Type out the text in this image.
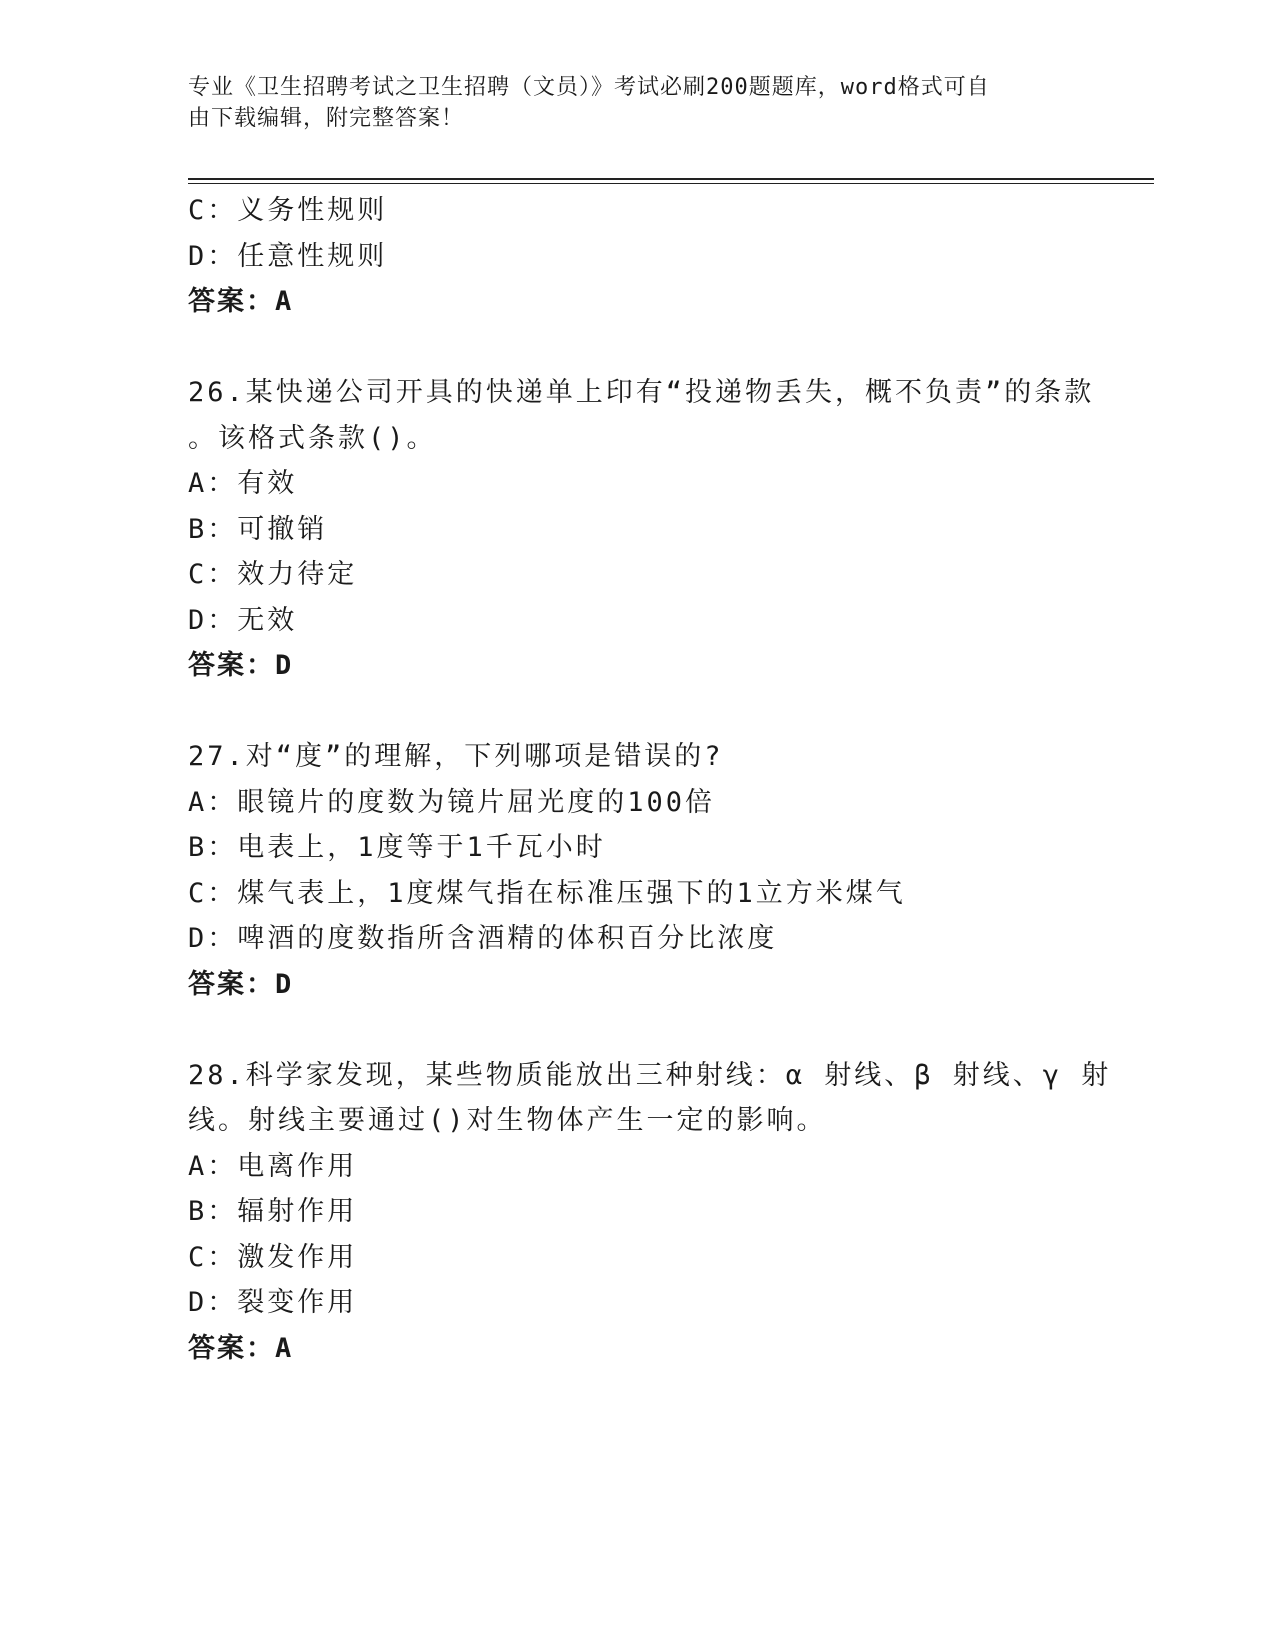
专业《卫生招聘考试之卫生招聘（文员）》考试必刷200题题库，word格式可自
由下载编辑，附完整答案！
C：义务性规则
D：任意性规则
答案：A
26.某快递公司开具的快递单上印有“投递物丢失，概不负责”的条款
。该格式条款()。
A：有效
B：可撤销
C：效力待定
D：无效
答案：D
27.对“度”的理解，下列哪项是错误的?
A：眼镜片的度数为镜片屈光度的100倍
B：电表上，1度等于1千瓦小时
C：煤气表上，1度煤气指在标准压强下的1立方米煤气
D：啤酒的度数指所含酒精的体积百分比浓度
答案：D
28.科学家发现，某些物质能放出三种射线：α 射线、β 射线、γ 射
线。射线主要通过()对生物体产生一定的影响。
A：电离作用
B：辐射作用
C：激发作用
D：裂变作用
答案：A
